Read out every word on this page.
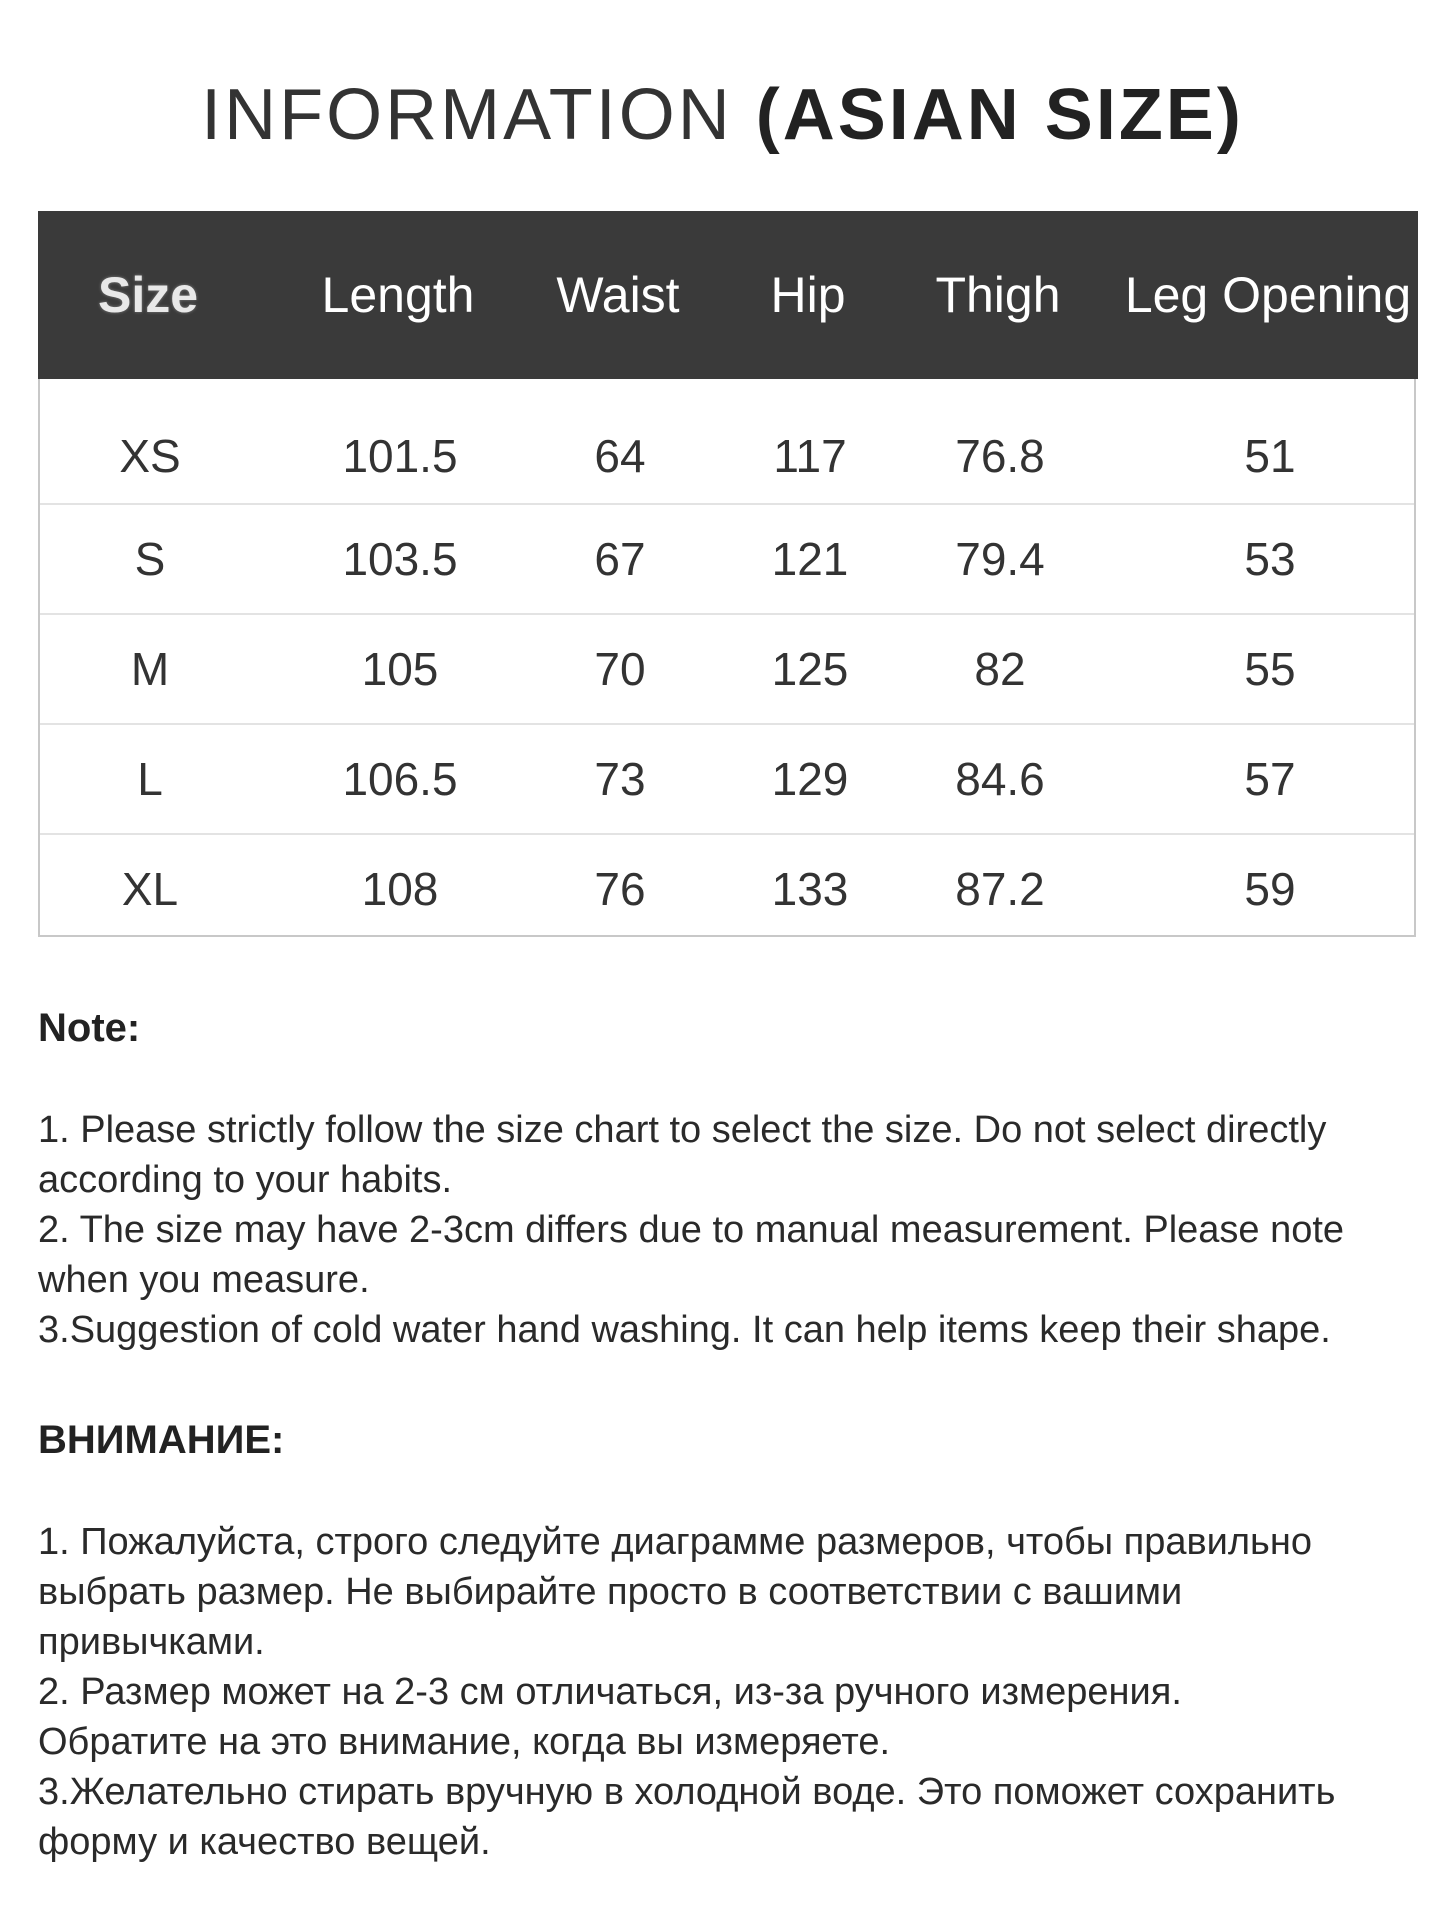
INFORMATION (ASIAN SIZE)
Size	Length	Waist	Hip	Thigh	Leg Opening
XS	101.5	64	117	76.8	51
S	103.5	67	121	79.4	53
M	105	70	125	82	55
L	106.5	73	129	84.6	57
XL	108	76	133	87.2	59

Note:

1. Please strictly follow the size chart to select the size. Do not select directly

according to your habits.

2. The size may have 2-3cm differs due to manual measurement. Please note

when you measure.

3.Suggestion of cold water hand washing. It can help items keep their shape.

ВНИМАНИЕ:

1. Пожалуйста, строго следуйте диаграмме размеров, чтобы правильно

выбрать размер. Не выбирайте просто в соответствии с вашими

привычками.

2. Размер может на 2-3 см отличаться, из-за ручного измерения.

Обратите на это внимание, когда вы измеряете.

3.Желательно стирать вручную в холодной воде. Это поможет сохранить

форму и качество вещей.
